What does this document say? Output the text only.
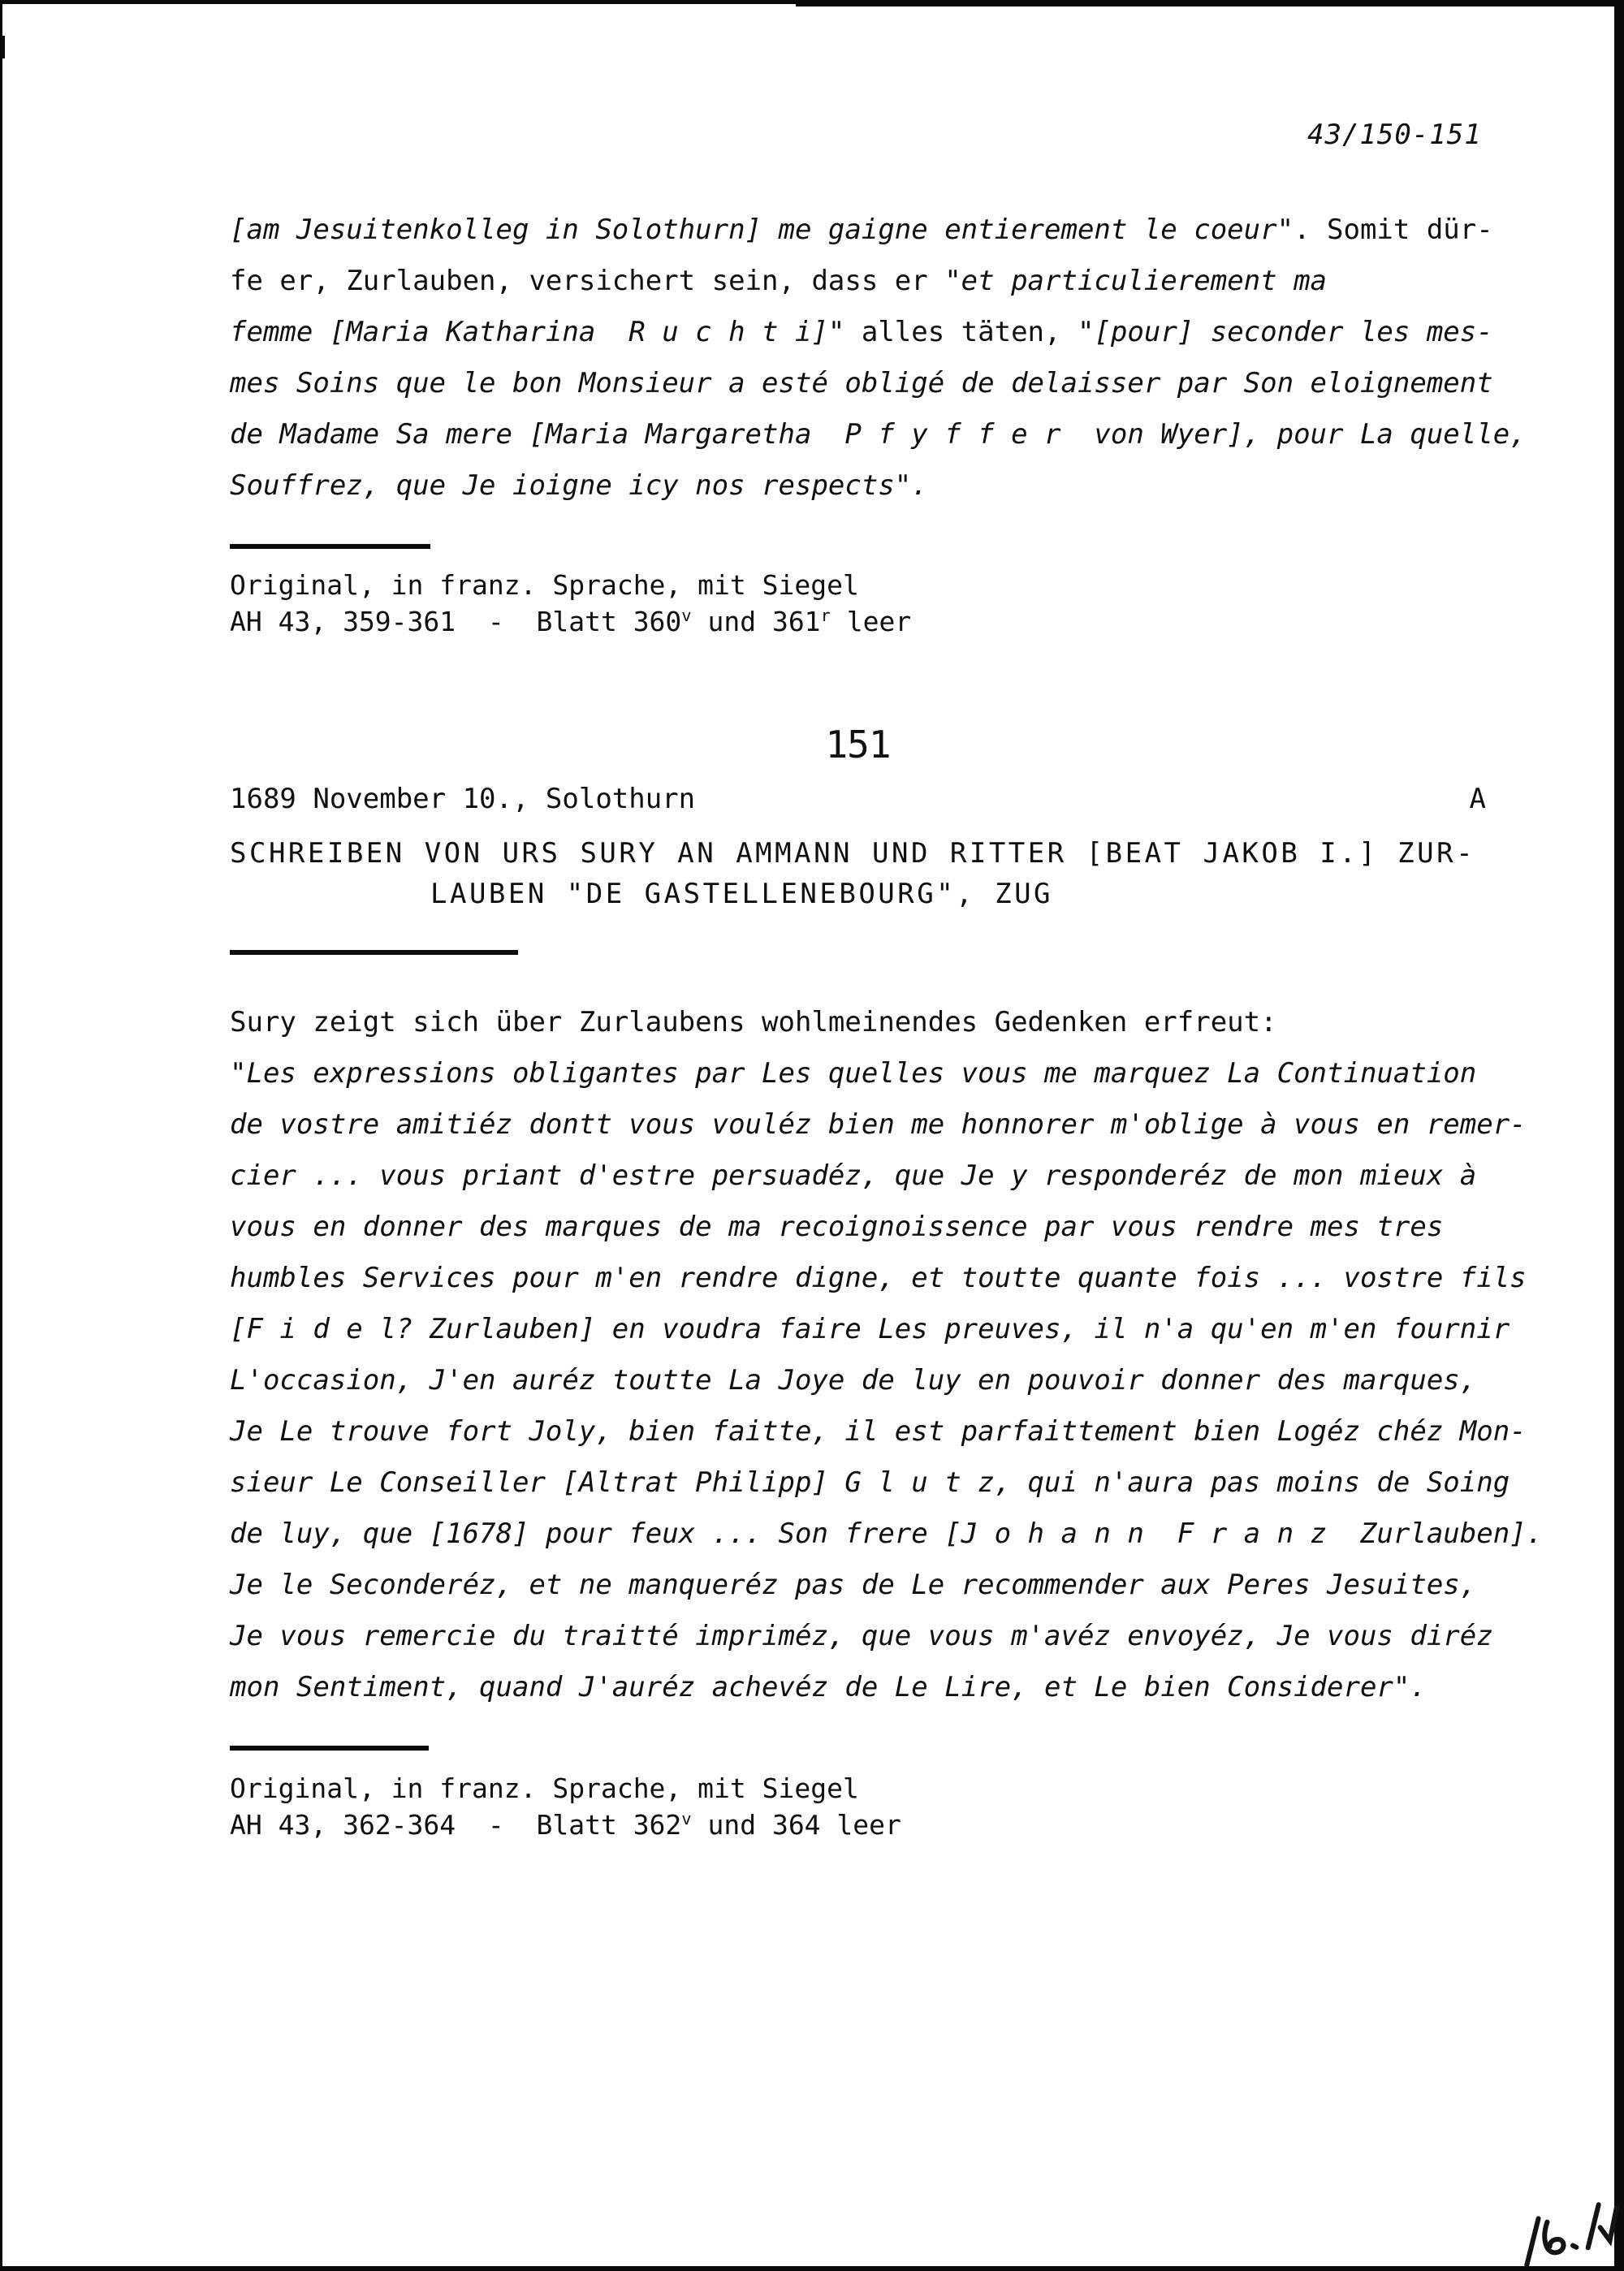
43/150-151
[am Jesuitenkolleg in Solothurn] me gaigne entierement le coeur". Somit dür-
fe er, Zurlauben, versichert sein, dass er "et particulierement ma
femme [Maria Katharina  R u c h t i]" alles täten, "[pour] seconder les mes-
mes Soins que le bon Monsieur a esté obligé de delaisser par Son eloignement
de Madame Sa mere [Maria Margaretha  P f y f f e r  von Wyer], pour La quelle,
Souffrez, que Je ioigne icy nos respects".
Original, in franz. Sprache, mit Siegel
AH 43, 359-361  -  Blatt 360$^v$ und 361$^r$ leer
151
1689 November 10., Solothurn	A
SCHREIBEN VON URS SURY AN AMMANN UND RITTER [BEAT JAKOB I.] ZUR-
LAUBEN "DE GASTELLENEBOURG", ZUG
Sury zeigt sich über Zurlaubens wohlmeinendes Gedenken erfreut:
"Les expressions obligantes par Les quelles vous me marquez La Continuation
de vostre amitiéz dontt vous vouléz bien me honnorer m'oblige à vous en remer-
cier ... vous priant d'estre persuadéz, que Je y responderéz de mon mieux à
vous en donner des marques de ma recoignoissence par vous rendre mes tres
humbles Services pour m'en rendre digne, et toutte quante fois ... vostre fils
[F i d e l? Zurlauben] en voudra faire Les preuves, il n'a qu'en m'en fournir
L'occasion, J'en auréz toutte La Joye de luy en pouvoir donner des marques,
Je Le trouve fort Joly, bien faitte, il est parfaittement bien Logéz chéz Mon-
sieur Le Conseiller [Altrat Philipp] G l u t z, qui n'aura pas moins de Soing
de luy, que [1678] pour feux ... Son frere [J o h a n n  F r a n z  Zurlauben].
Je le Seconderéz, et ne manqueréz pas de Le recommender aux Peres Jesuites,
Je vous remercie du traitté impriméz, que vous m'avéz envoyéz, Je vous diréz
mon Sentiment, quand J'auréz achevéz de Le Lire, et Le bien Considerer".
Original, in franz. Sprache, mit Siegel
AH 43, 362-364  -  Blatt 362$^v$ und 364 leer
